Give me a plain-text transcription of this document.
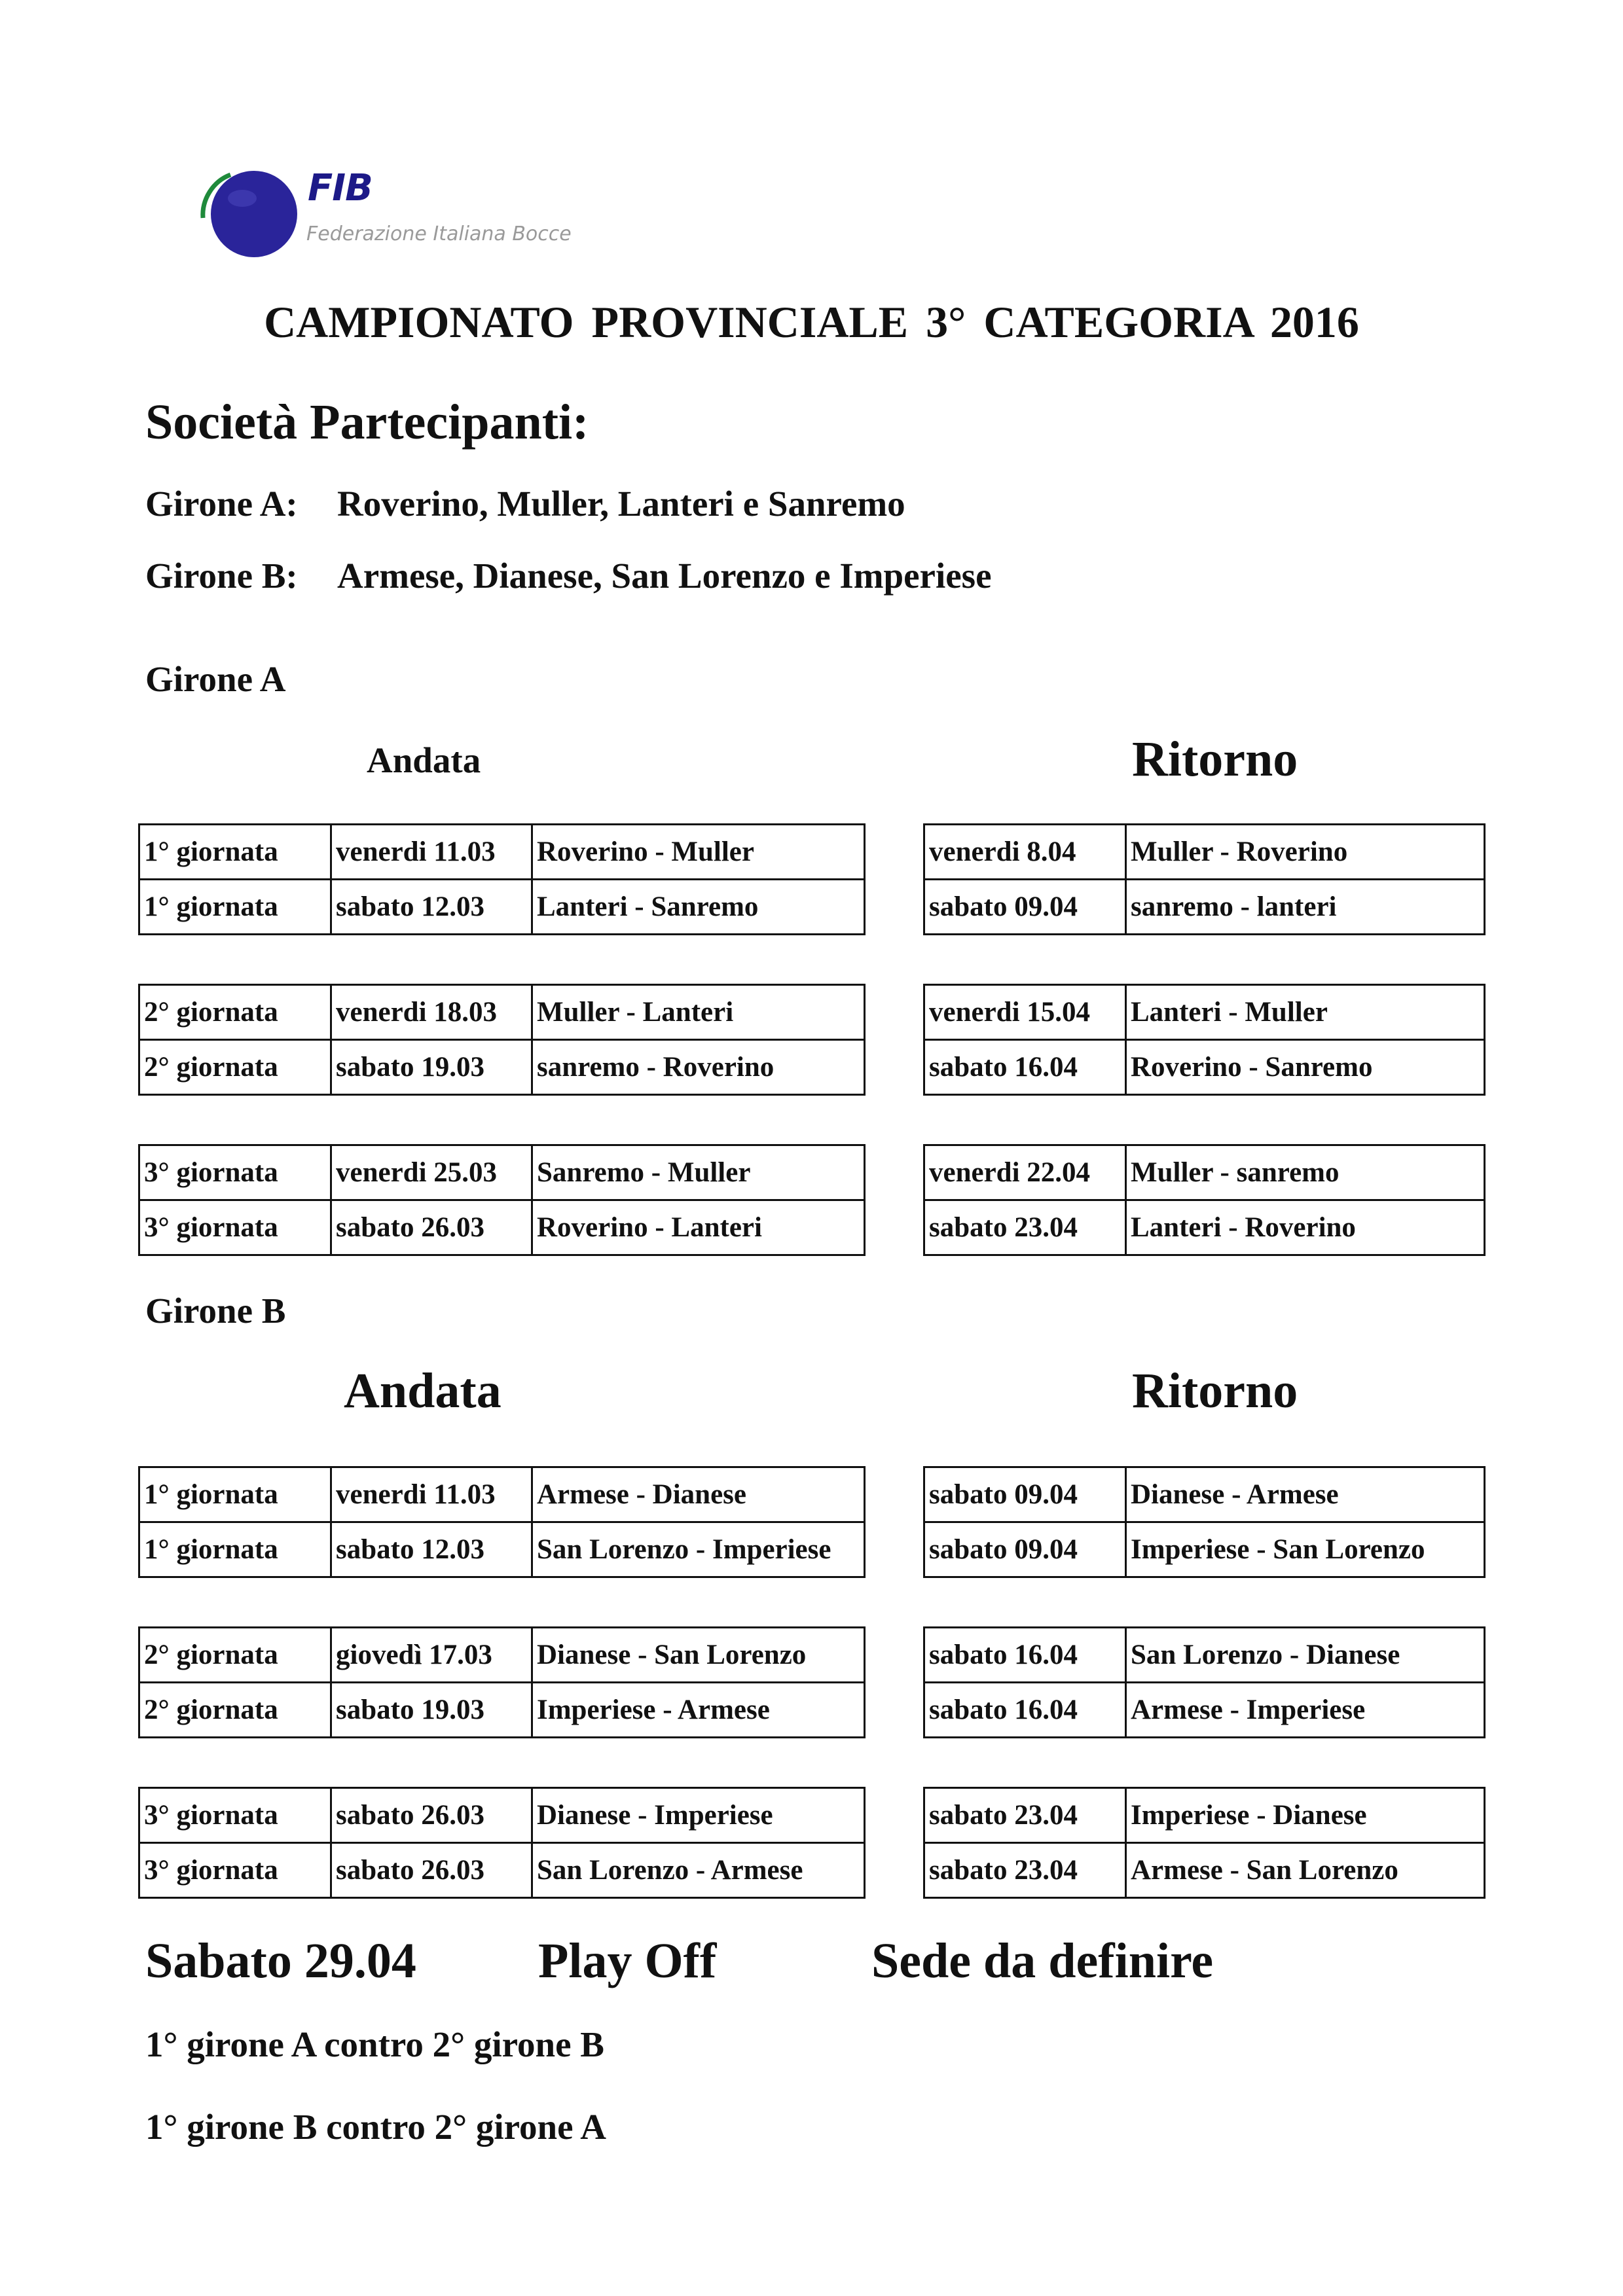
FIB
Federazione Italiana Bocce
CAMPIONATO PROVINCIALE 3° CATEGORIA 2016
Società Partecipanti:
Girone A: Roverino, Muller, Lanteri e Sanremo
Girone B: Armese, Dianese, San Lorenzo e Imperiese
Girone A
Andata	Ritorno
1° giornata	venerdi 11.03	Roverino - Muller
1° giornata	sabato 12.03	Lanteri - Sanremo
2° giornata	venerdi 18.03	Muller - Lanteri
2° giornata	sabato 19.03	sanremo - Roverino
3° giornata	venerdi 25.03	Sanremo - Muller
3° giornata	sabato 26.03	Roverino - Lanteri
venerdi 8.04	Muller - Roverino
sabato 09.04	sanremo - lanteri
venerdi 15.04	Lanteri - Muller
sabato 16.04	Roverino - Sanremo
venerdi 22.04	Muller - sanremo
sabato 23.04	Lanteri - Roverino
Girone B
Andata	Ritorno
1° giornata	venerdi 11.03	Armese - Dianese
1° giornata	sabato 12.03	San Lorenzo - Imperiese
2° giornata	giovedì 17.03	Dianese - San Lorenzo
2° giornata	sabato 19.03	Imperiese - Armese
3° giornata	sabato 26.03	Dianese - Imperiese
3° giornata	sabato 26.03	San Lorenzo - Armese
sabato 09.04	Dianese - Armese
sabato 09.04	Imperiese - San Lorenzo
sabato 16.04	San Lorenzo - Dianese
sabato 16.04	Armese - Imperiese
sabato 23.04	Imperiese - Dianese
sabato 23.04	Armese - San Lorenzo
Sabato 29.04 Play Off	Sede da definire
1° girone A contro 2° girone B
1° girone B contro 2° girone A
